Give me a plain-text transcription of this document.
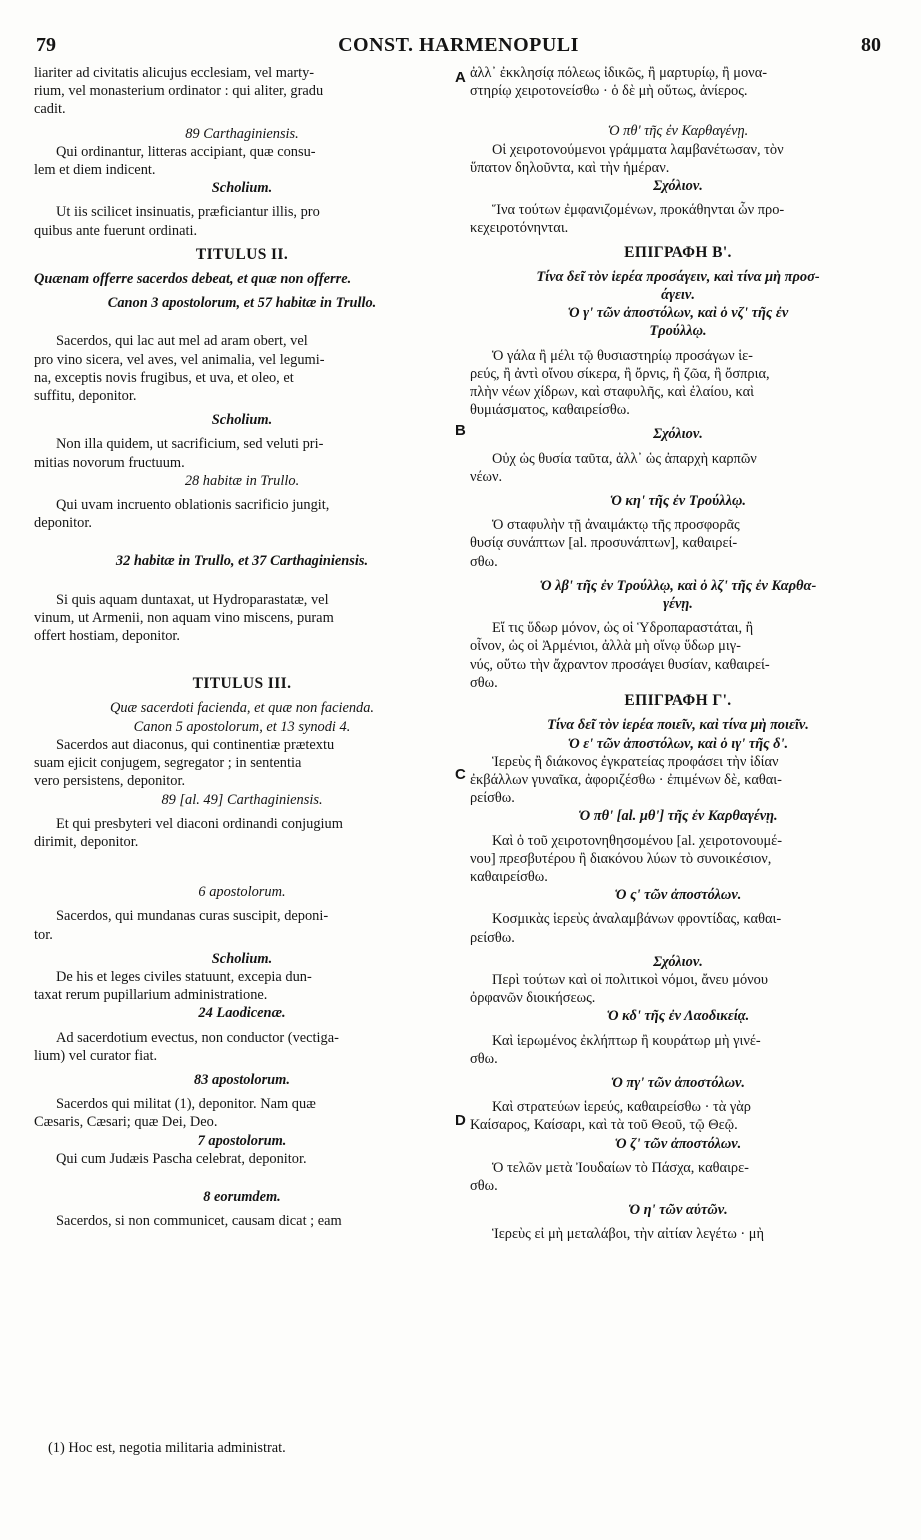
79	CONST. HARMENOPULI	80
liariter ad civitatis alicujus ecclesiam, vel marty-
rium, vel monasterium ordinator : qui aliter, gradu
cadit.
89 Carthaginiensis.
Qui ordinantur, litteras accipiant, quæ consu-
lem et diem indicent.
Scholium.
Ut iis scilicet insinuatis, præficiantur illis, pro
quibus ante fuerunt ordinati.
TITULUS II.
Quænam offerre sacerdos debeat, et quæ non offerre.
Canon 3 apostolorum, et 57 habitæ in Trullo.
Sacerdos, qui lac aut mel ad aram obert, vel
pro vino sicera, vel aves, vel animalia, vel legumi-
na, exceptis novis frugibus, et uva, et oleo, et
suffitu, deponitor.
Scholium.
Non illa quidem, ut sacrificium, sed veluti pri-
mitias novorum fructuum.
28 habitæ in Trullo.
Qui uvam incruento oblationis sacrificio jungit,
deponitor.
32 habitæ in Trullo, et 37 Carthaginiensis.
Si quis aquam duntaxat, ut Hydroparastatæ, vel
vinum, ut Armenii, non aquam vino miscens, puram
offert hostiam, deponitor.
TITULUS III.
Quæ sacerdoti facienda, et quæ non facienda.
Canon 5 apostolorum, et 13 synodi 4.
Sacerdos aut diaconus, qui continentiæ prætextu
suam ejicit conjugem, segregator ; in sententia
vero persistens, deponitor.
89 [al. 49] Carthaginiensis.
Et qui presbyteri vel diaconi ordinandi conjugium
dirimit, deponitor.
6 apostolorum.
Sacerdos, qui mundanas curas suscipit, deponi-
tor.
Scholium.
De his et leges civiles statuunt, excepia dun-
taxat rerum pupillarium administratione.
24 Laodicenæ.
Ad sacerdotium evectus, non conductor (vectiga-
lium) vel curator fiat.
83 apostolorum.
Sacerdos qui militat (1), deponitor. Nam quæ
Cæsaris, Cæsari; quæ Dei, Deo.
7 apostolorum.
Qui cum Judæis Pascha celebrat, deponitor.
8 eorumdem.
Sacerdos, si non communicet, causam dicat ; eam
ἀλλ᾿ ἐκκλησίᾳ πόλεως ἰδικῶς, ἢ μαρτυρίῳ, ἢ μονα-
στηρίῳ χειροτονείσθω · ὁ δὲ μὴ οὕτως, ἀνίερος.
Ὁ πθ' τῆς ἐν Καρθαγένῃ.
Οἱ χειροτονούμενοι γράμματα λαμβανέτωσαν, τὸν
ὕπατον δηλοῦντα, καὶ τὴν ἡμέραν.
Σχόλιον.
Ἵνα τούτων ἐμφανιζομένων, προκάθηνται ὧν προ-
κεχειροτόνηνται.
ΕΠΙΓΡΑΦΗ Β'.
Τίνα δεῖ τὸν ἱερέα προσάγειν, καὶ τίνα μὴ προσ-
άγειν.
Ὁ γ' τῶν ἀποστόλων, καὶ ὁ νζ' τῆς ἐν
Τρούλλῳ.
Ὁ γάλα ἢ μέλι τῷ θυσιαστηρίῳ προσάγων ἱε-
ρεύς, ἢ ἀντὶ οἴνου σίκερα, ἢ ὄρνις, ἢ ζῶα, ἢ ὄσπρια,
πλὴν νέων χίδρων, καὶ σταφυλῆς, καὶ ἐλαίου, καὶ
θυμιάσματος, καθαιρείσθω.
Σχόλιον.
Οὐχ ὡς θυσία ταῦτα, ἀλλ᾿ ὡς ἀπαρχὴ καρπῶν
νέων.
Ὁ κη' τῆς ἐν Τρούλλῳ.
Ὁ σταφυλὴν τῇ ἀναιμάκτῳ τῆς προσφορᾶς
θυσίᾳ συνάπτων [al. προσυνάπτων], καθαιρεί-
σθω.
Ὁ λβ' τῆς ἐν Τρούλλῳ, καὶ ὁ λζ' τῆς ἐν Καρθα-
γένῃ.
Εἴ τις ὕδωρ μόνον, ὡς οἱ Ὑδροπαραστάται, ἢ
οἶνον, ὡς οἱ Ἀρμένιοι, ἀλλὰ μὴ οἴνῳ ὕδωρ μιγ-
νύς, οὕτω τὴν ἄχραντον προσάγει θυσίαν, καθαιρεί-
σθω.
ΕΠΙΓΡΑΦΗ Γ'.
Τίνα δεῖ τὸν ἱερέα ποιεῖν, καὶ τίνα μὴ ποιεῖν.
Ὁ ε' τῶν ἀποστόλων, καὶ ὁ ιγ' τῆς δ'.
Ἱερεὺς ἢ διάκονος ἐγκρατείας προφάσει τὴν ἰδίαν
ἐκβάλλων γυναῖκα, ἀφοριζέσθω · ἐπιμένων δὲ, καθαι-
ρείσθω.
Ὁ πθ' [al. μθ'] τῆς ἐν Καρθαγένῃ.
Καὶ ὁ τοῦ χειροτονηθησομένου [al. χειροτονουμέ-
νου] πρεσβυτέρου ἢ διακόνου λύων τὸ συνοικέσιον,
καθαιρείσθω.
Ὁ ς' τῶν ἀποστόλων.
Κοσμικὰς ἱερεὺς ἀναλαμβάνων φροντίδας, καθαι-
ρείσθω.
Σχόλιον.
Περὶ τούτων καὶ οἱ πολιτικοὶ νόμοι, ἄνευ μόνου
ὀρφανῶν διοικήσεως.
Ὁ κδ' τῆς ἐν Λαοδικείᾳ.
Καὶ ἱερωμένος ἐκλήπτωρ ἢ κουράτωρ μὴ γινέ-
σθω.
Ὁ πγ' τῶν ἀποστόλων.
Καὶ στρατεύων ἱερεύς, καθαιρείσθω · τὰ γὰρ
Καίσαρος, Καίσαρι, καὶ τὰ τοῦ Θεοῦ, τῷ Θεῷ.
Ὁ ζ' τῶν ἀποστόλων.
Ὁ τελῶν μετὰ Ἰουδαίων τὸ Πάσχα, καθαιρε-
σθω.
Ὁ η' τῶν αὐτῶν.
Ἱερεὺς εἰ μὴ μεταλάβοι, τὴν αἰτίαν λεγέτω · μὴ
A
B
C
D
(1) Hoc est, negotia militaria administrat.
